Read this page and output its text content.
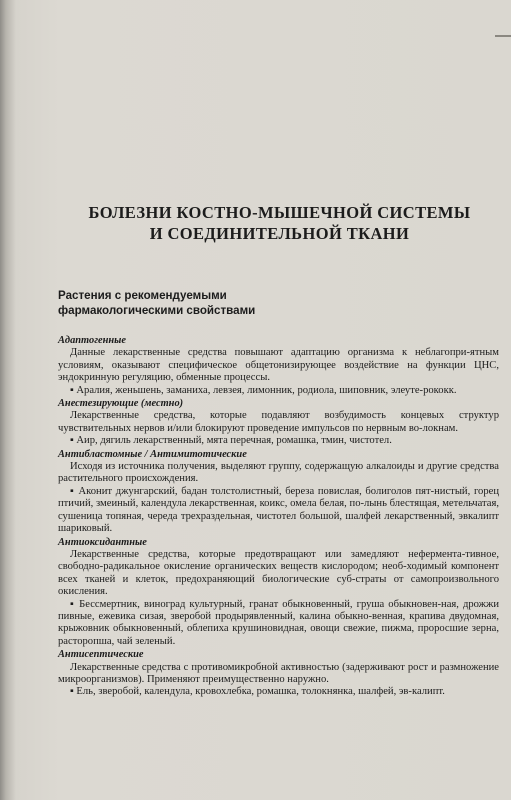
БОЛЕЗНИ КОСТНО-МЫШЕЧНОЙ СИСТЕМЫ
И СОЕДИНИТЕЛЬНОЙ ТКАНИ
Растения с рекомендуемыми
фармакологическими свойствами

Адаптогенные

Данные лекарственные средства повышают адаптацию организма к неблагопри-ятным условиям, оказывают специфическое общетонизирующее воздействие на функции ЦНС, эндокринную регуляцию, обменные процессы.

▪ Аралия, женьшень, заманиха, левзея, лимонник, родиола, шиповник, элеуте-рококк.

Анестезирующие (местно)

Лекарственные средства, которые подавляют возбудимость концевых структур чувствительных нервов и/или блокируют проведение импульсов по нервным во-локнам.

▪ Аир, дягиль лекарственный, мята перечная, ромашка, тмин, чистотел.

Антибластомные / Антимитотические

Исходя из источника получения, выделяют группу, содержащую алкалоиды и другие средства растительного происхождения.

▪ Аконит джунгарский, бадан толстолистный, береза повислая, болиголов пят-нистый, горец птичий, змеиный, календула лекарственная, коикс, омела белая, по-лынь блестящая, метельчатая, сушеница топяная, череда трехраздельная, чистотел большой, шалфей лекарственный, эвкалипт шариковый.

Антиоксидантные

Лекарственные средства, которые предотвращают или замедляют неферментa-тивное, свободно-радикальное окисление органических веществ кислородом; необ-ходимый компонент всех тканей и клеток, предохраняющий биологические суб-страты от самопроизвольного окисления.

▪ Бессмертник, виноград культурный, гранат обыкновенный, груша обыкновен-ная, дрожжи пивные, ежевика сизая, зверобой продырявленный, калина обыкно-венная, крапива двудомная, крыжовник обыкновенный, облепиха крушиновидная, овощи свежие, пижма, проросшие зерна, расторопша, чай зеленый.

Антисептические

Лекарственные средства с противомикробной активностью (задерживают рост и размножение микроорганизмов). Применяют преимущественно наружно.

▪ Ель, зверобой, календула, кровохлебка, ромашка, толокнянка, шалфей, эв-калипт.
